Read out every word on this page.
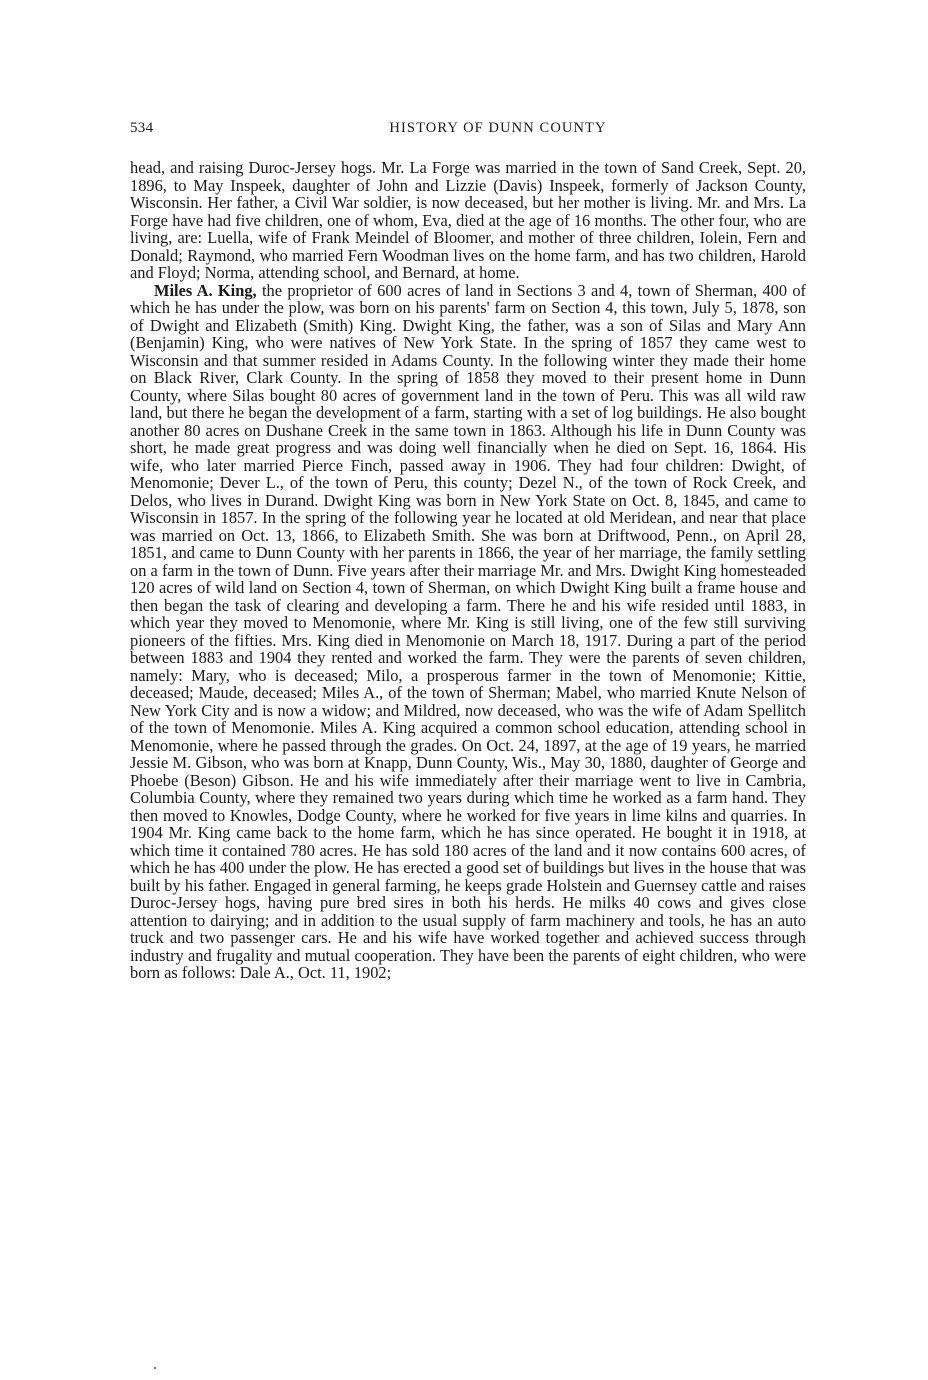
534	HISTORY OF DUNN COUNTY

head, and raising Duroc-Jersey hogs. Mr. La Forge was married in the town of Sand Creek, Sept. 20, 1896, to May Inspeek, daughter of John and Lizzie (Davis) Inspeek, formerly of Jackson County, Wisconsin. Her father, a Civil War soldier, is now deceased, but her mother is living. Mr. and Mrs. La Forge have had five children, one of whom, Eva, died at the age of 16 months. The other four, who are living, are: Luella, wife of Frank Meindel of Bloomer, and mother of three children, Iolein, Fern and Donald; Raymond, who married Fern Woodman lives on the home farm, and has two children, Harold and Floyd; Norma, attending school, and Bernard, at home.

Miles A. King, the proprietor of 600 acres of land in Sections 3 and 4, town of Sherman, 400 of which he has under the plow, was born on his parents' farm on Section 4, this town, July 5, 1878, son of Dwight and Elizabeth (Smith) King. Dwight King, the father, was a son of Silas and Mary Ann (Benjamin) King, who were natives of New York State. In the spring of 1857 they came west to Wisconsin and that summer resided in Adams County. In the following winter they made their home on Black River, Clark County. In the spring of 1858 they moved to their present home in Dunn County, where Silas bought 80 acres of government land in the town of Peru. This was all wild raw land, but there he began the development of a farm, starting with a set of log buildings. He also bought another 80 acres on Dushane Creek in the same town in 1863. Although his life in Dunn County was short, he made great progress and was doing well financially when he died on Sept. 16, 1864. His wife, who later married Pierce Finch, passed away in 1906. They had four children: Dwight, of Menomonie; Dever L., of the town of Peru, this county; Dezel N., of the town of Rock Creek, and Delos, who lives in Durand. Dwight King was born in New York State on Oct. 8, 1845, and came to Wisconsin in 1857. In the spring of the following year he located at old Meridean, and near that place was married on Oct. 13, 1866, to Elizabeth Smith. She was born at Driftwood, Penn., on April 28, 1851, and came to Dunn County with her parents in 1866, the year of her marriage, the family settling on a farm in the town of Dunn. Five years after their marriage Mr. and Mrs. Dwight King homesteaded 120 acres of wild land on Section 4, town of Sherman, on which Dwight King built a frame house and then began the task of clearing and developing a farm. There he and his wife resided until 1883, in which year they moved to Menomonie, where Mr. King is still living, one of the few still surviving pioneers of the fifties. Mrs. King died in Menomonie on March 18, 1917. During a part of the period between 1883 and 1904 they rented and worked the farm. They were the parents of seven children, namely: Mary, who is deceased; Milo, a prosperous farmer in the town of Menomonie; Kittie, deceased; Maude, deceased; Miles A., of the town of Sherman; Mabel, who married Knute Nelson of New York City and is now a widow; and Mildred, now deceased, who was the wife of Adam Spellitch of the town of Menomonie. Miles A. King acquired a common school education, attending school in Menomonie, where he passed through the grades. On Oct. 24, 1897, at the age of 19 years, he married Jessie M. Gibson, who was born at Knapp, Dunn County, Wis., May 30, 1880, daughter of George and Phoebe (Beson) Gibson. He and his wife immediately after their marriage went to live in Cambria, Columbia County, where they remained two years during which time he worked as a farm hand. They then moved to Knowles, Dodge County, where he worked for five years in lime kilns and quarries. In 1904 Mr. King came back to the home farm, which he has since operated. He bought it in 1918, at which time it contained 780 acres. He has sold 180 acres of the land and it now contains 600 acres, of which he has 400 under the plow. He has erected a good set of buildings but lives in the house that was built by his father. Engaged in general farming, he keeps grade Holstein and Guernsey cattle and raises Duroc-Jersey hogs, having pure bred sires in both his herds. He milks 40 cows and gives close attention to dairying; and in addition to the usual supply of farm machinery and tools, he has an auto truck and two passenger cars. He and his wife have worked together and achieved success through industry and frugality and mutual cooperation. They have been the parents of eight children, who were born as follows: Dale A., Oct. 11, 1902;
